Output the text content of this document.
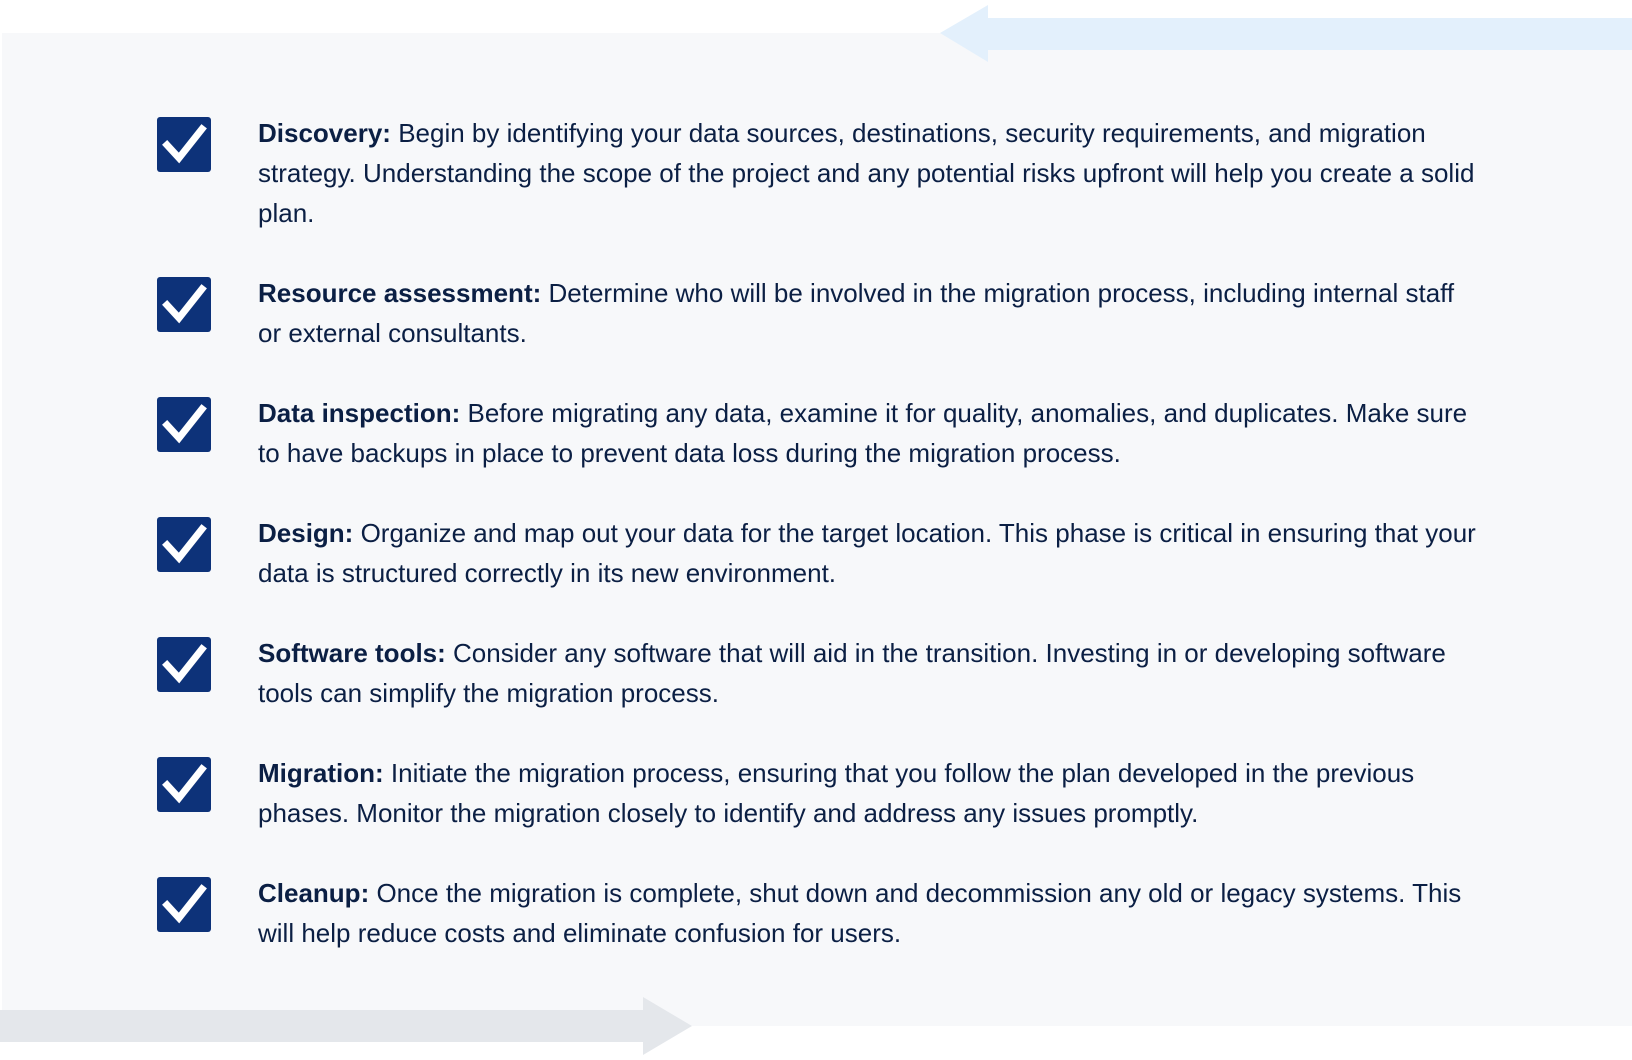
Discovery: Begin by identifying your data sources, destinations, security requirements, and migration strategy. Understanding the scope of the project and any potential risks upfront will help you create a solid plan.
Resource assessment: Determine who will be involved in the migration process, including internal staff or external consultants.
Data inspection: Before migrating any data, examine it for quality, anomalies, and duplicates. Make sure to have backups in place to prevent data loss during the migration process.
Design: Organize and map out your data for the target location. This phase is critical in ensuring that your data is structured correctly in its new environment.
Software tools: Consider any software that will aid in the transition. Investing in or developing software tools can simplify the migration process.
Migration: Initiate the migration process, ensuring that you follow the plan developed in the previous phases. Monitor the migration closely to identify and address any issues promptly.
Cleanup: Once the migration is complete, shut down and decommission any old or legacy systems. This will help reduce costs and eliminate confusion for users.
